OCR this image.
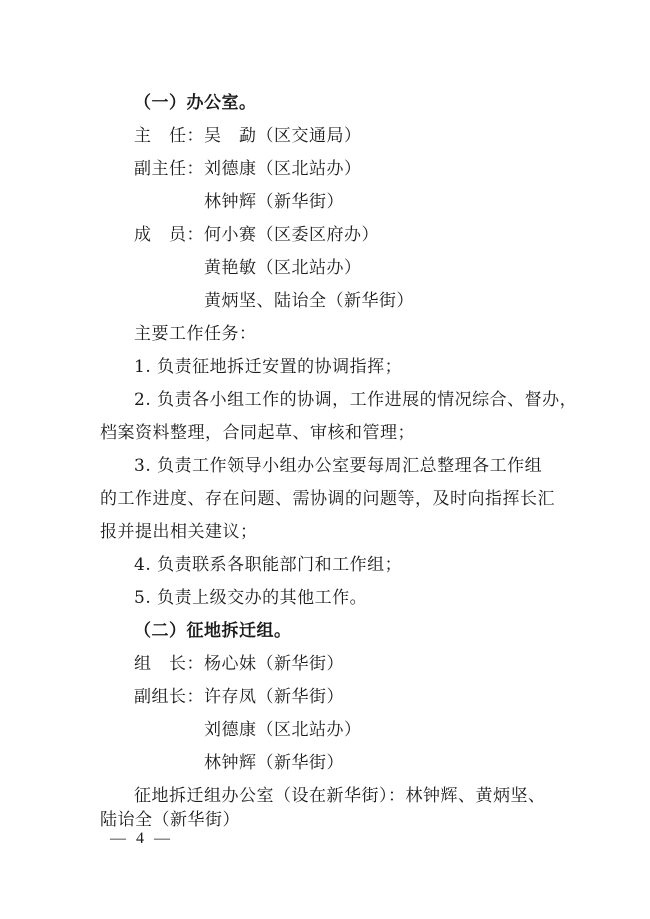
（一）办公室。
主　任： 吴　勐（区交通局）
副主任： 刘德康（区北站办）
林钟辉（新华街）
成　员： 何小赛（区委区府办）
黄艳敏（区北站办）
黄炳坚、陆诒全（新华街）
主要工作任务：
1. 负责征地拆迁安置的协调指挥；
2. 负责各小组工作的协调，工作进展的情况综合、督办，
档案资料整理，合同起草、审核和管理；
3. 负责工作领导小组办公室要每周汇总整理各工作组
的工作进度、存在问题、需协调的问题等，及时向指挥长汇
报并提出相关建议；
4. 负责联系各职能部门和工作组；
5. 负责上级交办的其他工作。
（二）征地拆迁组。
组　长： 杨心妹（新华街）
副组长： 许存凤（新华街）
刘德康（区北站办）
林钟辉（新华街）
征地拆迁组办公室（设在新华街）：林钟辉、黄炳坚、
陆诒全（新华街）
— 4 —
